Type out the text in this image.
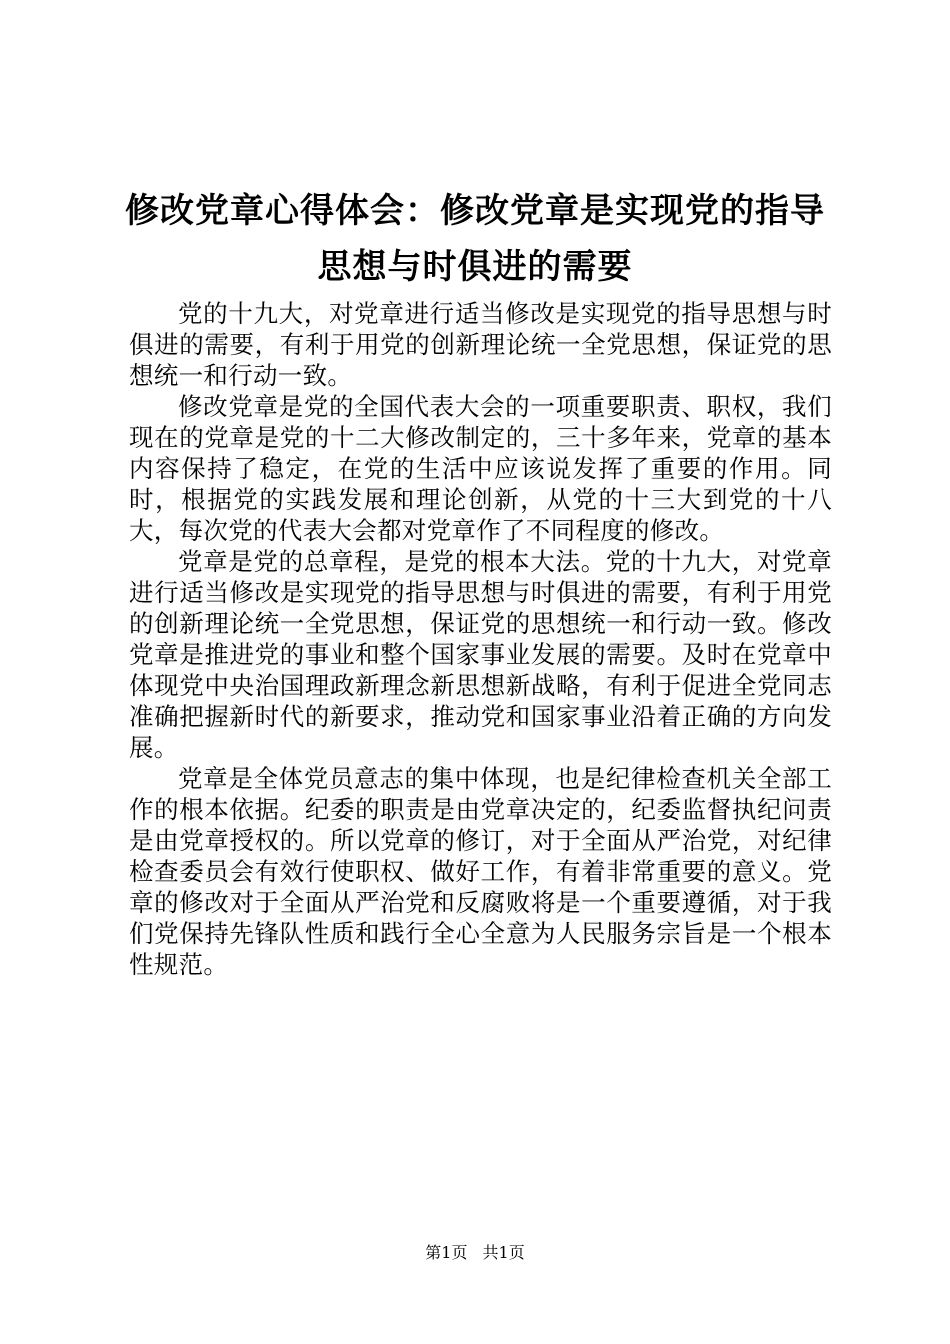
修改党章心得体会：修改党章是实现党的指导
思想与时俱进的需要

党的十九大，对党章进行适当修改是实现党的指导思想与时俱进的需要，有利于用党的创新理论统一全党思想，保证党的思想统一和行动一致。

修改党章是党的全国代表大会的一项重要职责、职权，我们现在的党章是党的十二大修改制定的，三十多年来，党章的基本内容保持了稳定，在党的生活中应该说发挥了重要的作用。同时，根据党的实践发展和理论创新，从党的十三大到党的十八大，每次党的代表大会都对党章作了不同程度的修改。

党章是党的总章程，是党的根本大法。党的十九大，对党章进行适当修改是实现党的指导思想与时俱进的需要，有利于用党的创新理论统一全党思想，保证党的思想统一和行动一致。修改党章是推进党的事业和整个国家事业发展的需要。及时在党章中体现党中央治国理政新理念新思想新战略，有利于促进全党同志准确把握新时代的新要求，推动党和国家事业沿着正确的方向发展。

党章是全体党员意志的集中体现，也是纪律检查机关全部工作的根本依据。纪委的职责是由党章决定的，纪委监督执纪问责是由党章授权的。所以党章的修订，对于全面从严治党，对纪律检查委员会有效行使职权、做好工作，有着非常重要的意义。党章的修改对于全面从严治党和反腐败将是一个重要遵循，对于我们党保持先锋队性质和践行全心全意为人民服务宗旨是一个根本性规范。

第1页 共1页
